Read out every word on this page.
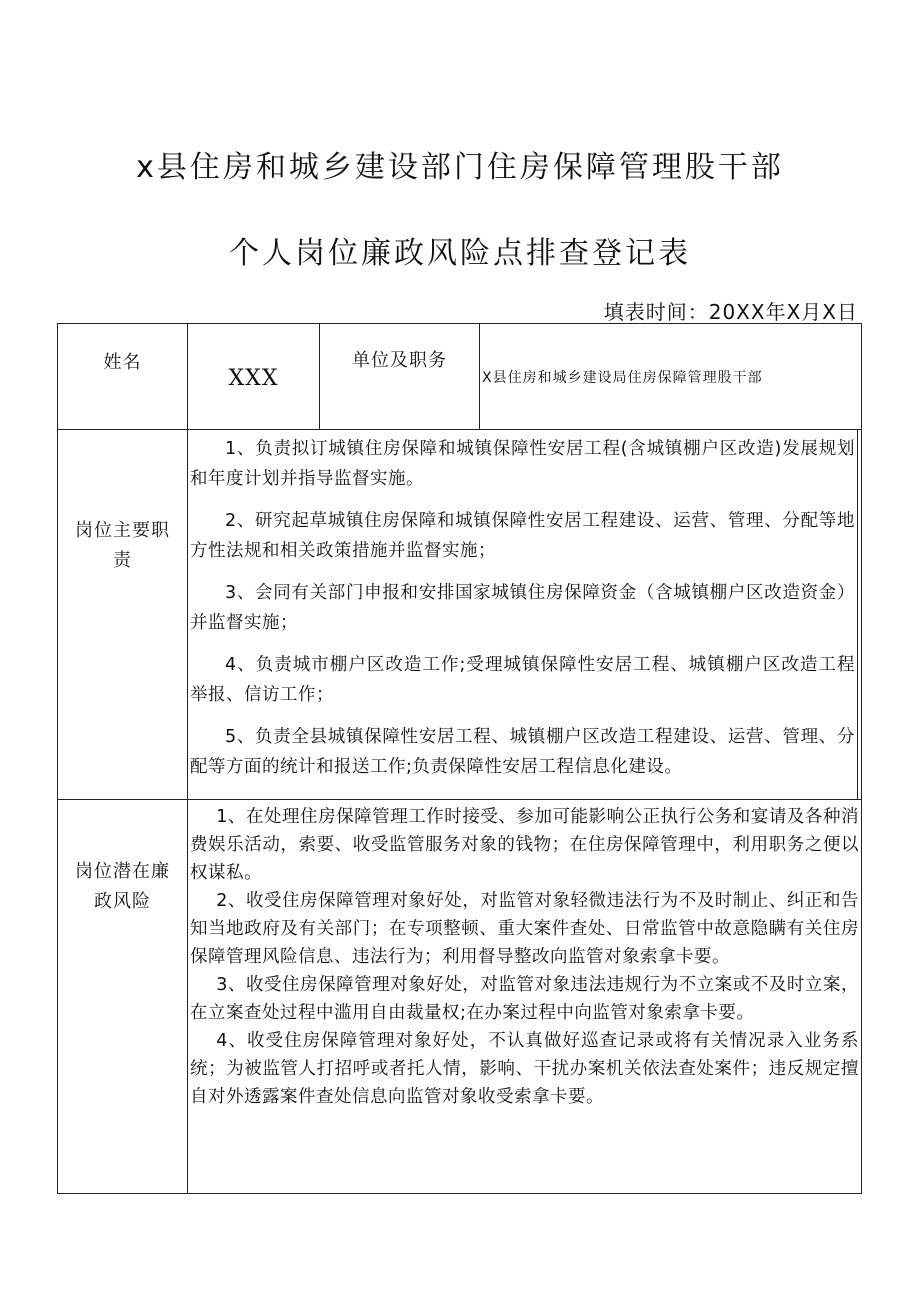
x县住房和城乡建设部门住房保障管理股干部
个人岗位廉政风险点排查登记表
填表时间：20XX年X月X日
姓名	XXX	单位及职务	X县住房和城乡建设局住房保障管理股干部	
岗位主要职责	1、负责拟订城镇住房保障和城镇保障性安居工程(含城镇棚户区改造)发展规划和年度计划并指导监督实施。

2、研究起草城镇住房保障和城镇保障性安居工程建设、运营、管理、分配等地方性法规和相关政策措施并监督实施；

3、会同有关部门申报和安排国家城镇住房保障资金（含城镇棚户区改造资金）并监督实施；

4、负责城市棚户区改造工作;受理城镇保障性安居工程、城镇棚户区改造工程举报、信访工作；

5、负责全县城镇保障性安居工程、城镇棚户区改造工程建设、运营、管理、分配等方面的统计和报送工作;负责保障性安居工程信息化建设。			

岗位潜在廉政风险	1、在处理住房保障管理工作时接受、参加可能影响公正执行公务和宴请及各种消费娱乐活动，索要、收受监管服务对象的钱物；在住房保障管理中，利用职务之便以权谋私。

2、收受住房保障管理对象好处，对监管对象轻微违法行为不及时制止、纠正和告知当地政府及有关部门；在专项整顿、重大案件查处、日常监管中故意隐瞒有关住房保障管理风险信息、违法行为；利用督导整改向监管对象索拿卡要。

3、收受住房保障管理对象好处，对监管对象违法违规行为不立案或不及时立案，在立案查处过程中滥用自由裁量权;在办案过程中向监管对象索拿卡要。

4、收受住房保障管理对象好处，不认真做好巡查记录或将有关情况录入业务系统；为被监管人打招呼或者托人情，影响、干扰办案机关依法查处案件；违反规定擅自对外透露案件查处信息向监管对象收受索拿卡要。			
